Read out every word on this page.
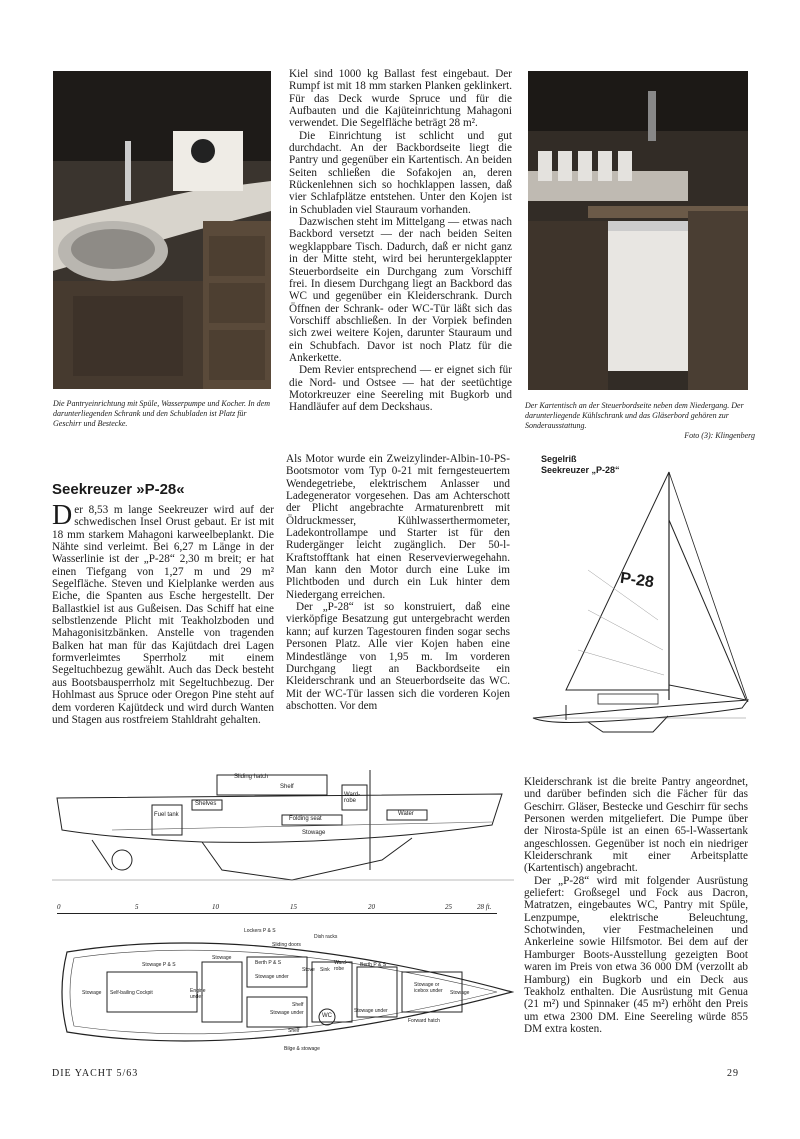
Die Pantryeinrichtung mit Spüle, Wasserpumpe und Kocher. In dem darunterliegenden Schrank und den Schubladen ist Platz für Geschirr und Bestecke.

Kiel sind 1000 kg Ballast fest eingebaut. Der Rumpf ist mit 18 mm starken Planken geklinkert. Für das Deck wurde Spruce und für die Aufbauten und die Kajüteinrichtung Mahagoni verwendet. Die Segelfläche beträgt 28 m².

Die Einrichtung ist schlicht und gut durchdacht. An der Backbordseite liegt die Pantry und gegenüber ein Kartentisch. An beiden Seiten schließen die Sofakojen an, deren Rückenlehnen sich so hochklappen lassen, daß vier Schlafplätze entstehen. Unter den Kojen ist in Schubladen viel Stauraum vorhanden.

Dazwischen steht im Mittelgang — etwas nach Backbord versetzt — der nach beiden Seiten wegklappbare Tisch. Dadurch, daß er nicht ganz in der Mitte steht, wird bei heruntergeklappter Steuerbordseite ein Durchgang zum Vorschiff frei. In diesem Durchgang liegt an Backbord das WC und gegenüber ein Kleiderschrank. Durch Öffnen der Schrank- oder WC-Tür läßt sich das Vorschiff abschließen. In der Vorpiek befinden sich zwei weitere Kojen, darunter Stauraum und ein Schubfach. Davor ist noch Platz für die Ankerkette.

Dem Revier entsprechend — er eignet sich für die Nord- und Ostsee — hat der seetüchtige Motorkreuzer eine Seereling mit Bugkorb und Handläufer auf dem Deckshaus.	Der Kartentisch an der Steuerbordseite neben dem Niedergang. Der darunterliegende Kühlschrank und das Gläserbord gehören zur Sonderausstattung.
Foto (3): Klingenberg
Seekreuzer »P-28«

Der 8,53 m lange Seekreuzer wird auf der schwedischen Insel Orust gebaut. Er ist mit 18 mm starkem Mahagoni karweelbeplankt. Die Nähte sind verleimt. Bei 6,27 m Länge in der Wasserlinie ist der „P-28“ 2,30 m breit; er hat einen Tiefgang von 1,27 m und 29 m² Segelfläche. Steven und Kielplanke werden aus Eiche, die Spanten aus Esche hergestellt. Der Ballastkiel ist aus Gußeisen. Das Schiff hat eine selbstlenzende Plicht mit Teakholzboden und Mahagonisitzbänken. Anstelle von tragenden Balken hat man für das Kajütdach drei Lagen formverleimtes Sperrholz mit einem Segeltuchbezug gewählt. Auch das Deck besteht aus Bootsbausperrholz mit Segeltuchbezug. Der Hohlmast aus Spruce oder Oregon Pine steht auf dem vorderen Kajütdeck und wird durch Wanten und Stagen aus rostfreiem Stahldraht gehalten.

Als Motor wurde ein Zweizylinder-Albin-10-PS-Bootsmotor vom Typ 0-21 mit ferngesteuertem Wendegetriebe, elektrischem Anlasser und Ladegenerator vorgesehen. Das am Achterschott der Plicht angebrachte Armaturenbrett mit Öldruckmesser, Kühlwasserthermometer, Ladekontrollampe und Starter ist für den Rudergänger leicht zugänglich. Der 50-l-Kraftstofftank hat einen Reservevierwegehahn. Man kann den Motor durch eine Luke im Plichtboden und durch ein Luk hinter dem Niedergang erreichen.

Der „P-28“ ist so konstruiert, daß eine vierköpfige Besatzung gut untergebracht werden kann; auf kurzen Tagestouren finden sogar sechs Personen Platz. Alle vier Kojen haben eine Mindestlänge von 1,95 m. Im vorderen Durchgang liegt an Backbordseite ein Kleiderschrank und an Steuerbordseite das WC. Mit der WC-Tür lassen sich die vorderen Kojen abschotten. Vor dem

Segelriß
Seekreuzer „P-28“
P-28
Sliding hatch
Shelves
Folding seat
Ward-robe
Shelf
Stowage
Water
Fuel tank
0	5	10	15	20	25	28 ft.
Lockers P & S
Dish racks
Sliding doors
Stowage
Berth P & S
Stowage under
Stove Sink
Ward-robe
Berth P & S
Stowage P & S
Stowage Self-bailing Cockpit	Engine under
Stowage or icebox under
Shelf
Stowage under
Shelf
WC
Stowage under
Stowage
Forward hatch
Bilge & stowage

Kleiderschrank ist die breite Pantry angeordnet, und darüber befinden sich die Fächer für das Geschirr. Gläser, Bestecke und Geschirr für sechs Personen werden mitgeliefert. Die Pumpe über der Nirosta-Spüle ist an einen 65-l-Wassertank angeschlossen. Gegenüber ist noch ein niedriger Kleiderschrank mit einer Arbeitsplatte (Kartentisch) angebracht.

Der „P-28“ wird mit folgender Ausrüstung geliefert: Großsegel und Fock aus Dacron, Matratzen, eingebautes WC, Pantry mit Spüle, Lenzpumpe, elektrische Beleuchtung, Schotwinden, vier Festmacheleinen und Ankerleine sowie Hilfsmotor. Bei dem auf der Hamburger Boots-Ausstellung gezeigten Boot waren im Preis von etwa 36 000 DM (verzollt ab Hamburg) ein Bugkorb und ein Deck aus Teakholz enthalten. Die Ausrüstung mit Genua (21 m²) und Spinnaker (45 m²) erhöht den Preis um etwa 2300 DM. Eine Seereling würde 855 DM extra kosten.

DIE YACHT 5/63	29
